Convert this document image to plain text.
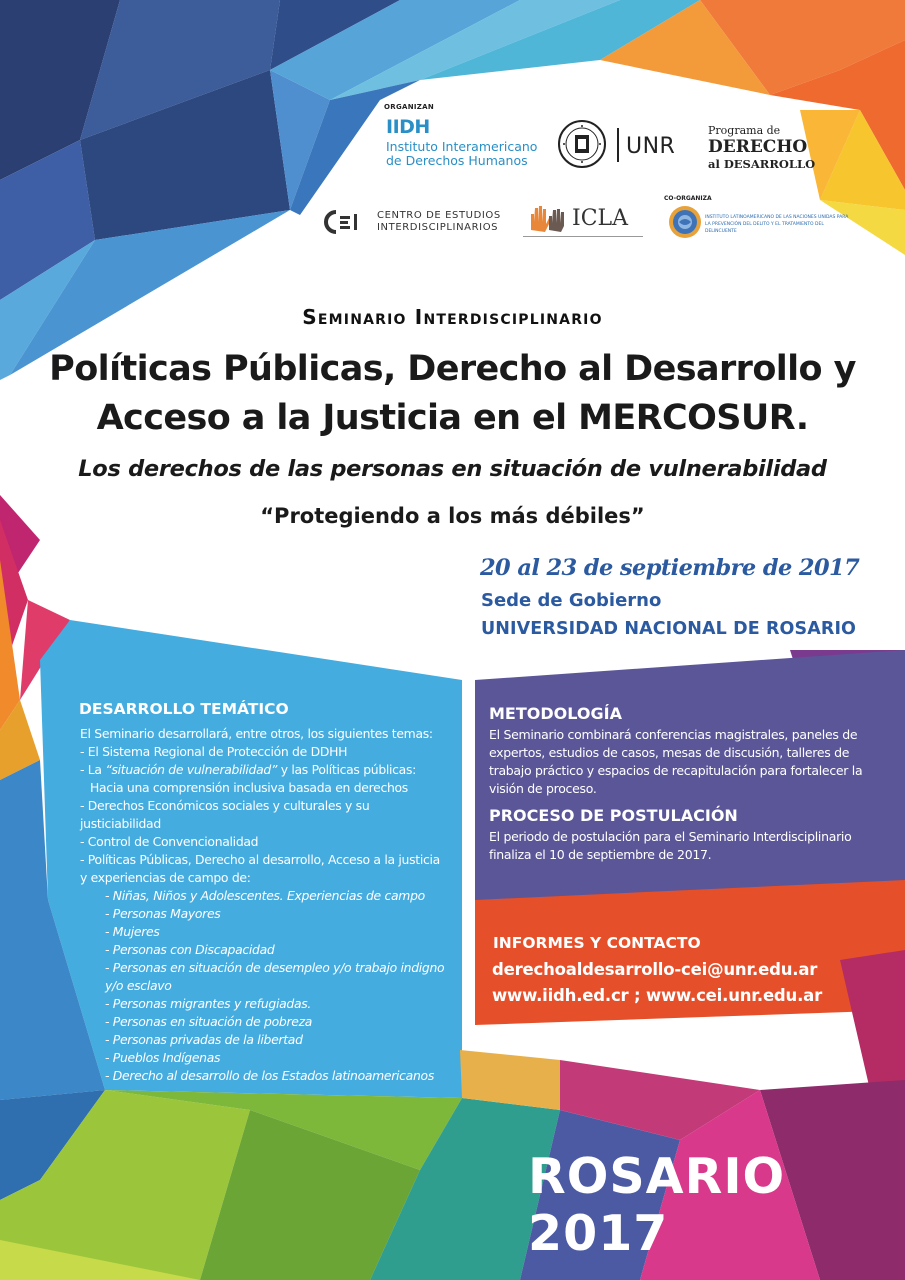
ORGANIZAN
IIDH
Instituto Interamericano
de Derechos Humanos
UNR
Programa de
DERECHO
al DESARROLLO
CENTRO DE ESTUDIOS
INTERDISCIPLINARIOS	ICLA
CO-ORGANIZA
INSTITUTO LATINOAMERICANO DE LAS NACIONES UNIDAS PARA LA PREVENCIÓN DEL DELITO Y EL TRATAMIENTO DEL DELINCUENTE
Seminario Interdisciplinario
Políticas Públicas, Derecho al Desarrollo y
Acceso a la Justicia en el MERCOSUR.
Los derechos de las personas en situación de vulnerabilidad
“Protegiendo a los más débiles”
20 al 23 de septiembre de 2017
Sede de Gobierno
UNIVERSIDAD NACIONAL DE ROSARIO
DESARROLLO TEMÁTICO
El Seminario desarrollará, entre otros, los siguientes temas:
- El Sistema Regional de Protección de DDHH
- La “situación de vulnerabilidad” y las Políticas públicas:
Hacia una comprensión inclusiva basada en derechos
- Derechos Económicos sociales y culturales y su justiciabilidad
- Control de Convencionalidad
- Políticas Públicas, Derecho al desarrollo, Acceso a la justicia y experiencias de campo de:
- Niñas, Niños y Adolescentes. Experiencias de campo
- Personas Mayores
- Mujeres
- Personas con Discapacidad
- Personas en situación de desempleo y/o trabajo indigno y/o esclavo
- Personas migrantes y refugiadas.
- Personas en situación de pobreza
- Personas privadas de la libertad
- Pueblos Indígenas
- Derecho al desarrollo de los Estados latinoamericanos
METODOLOGÍA
El Seminario combinará conferencias magistrales, paneles de expertos, estudios de casos, mesas de discusión, talleres de trabajo práctico y espacios de recapitulación para fortalecer la visión de proceso.
PROCESO DE POSTULACIÓN
El periodo de postulación para el Seminario Interdisciplinario finaliza el 10 de septiembre de 2017.
INFORMES Y CONTACTO
derechoaldesarrollo-cei@unr.edu.ar
www.iidh.ed.cr ; www.cei.unr.edu.ar
ROSARIO 2017
